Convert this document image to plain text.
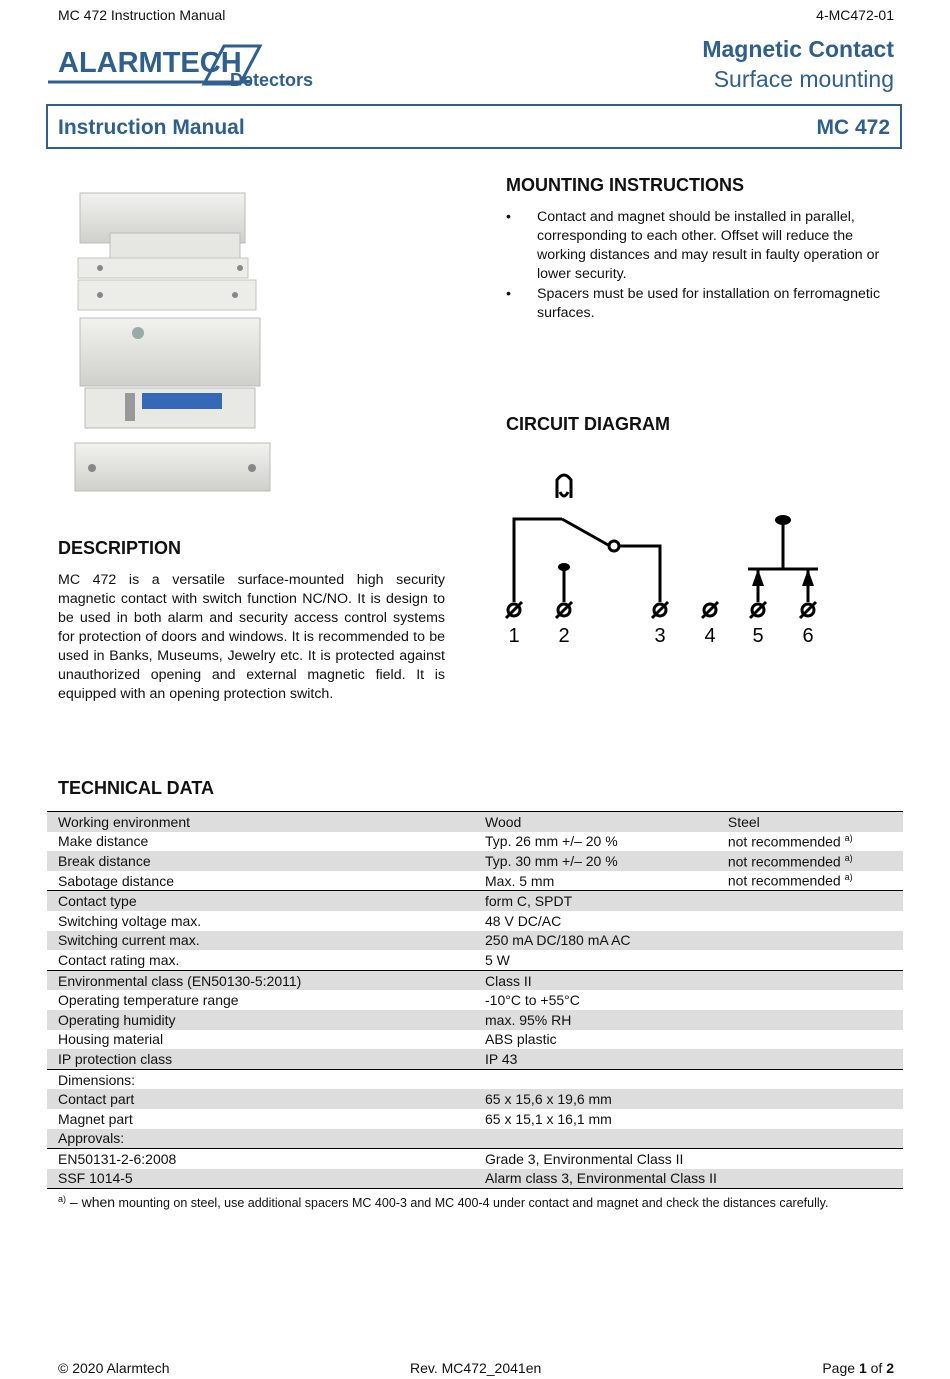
MC 472 Instruction Manual	4-MC472-01
ALARMTECH
Detectors
Magnetic Contact
Surface mounting
Instruction Manual	MC 472
MOUNTING INSTRUCTIONS
• Contact and magnet should be installed in parallel, corresponding to each other. Offset will reduce the working distances and may result in faulty operation or lower security.
• Spacers must be used for installation on ferromagnetic surfaces.
CIRCUIT DIAGRAM
1 2	3 4 5 6
DESCRIPTION

MC 472 is a versatile surface-mounted high security magnetic contact with switch function NC/NO. It is design to be used in both alarm and security access control systems for protection of doors and windows. It is recommended to be used in Banks, Museums, Jewelry etc. It is protected against unauthorized opening and external magnetic field. It is equipped with an opening protection switch.

TECHNICAL DATA
Working environment	Wood	Steel
Make distance	Typ. 26 mm +/– 20 %	not recommended $^{a)}$
Break distance	Typ. 30 mm +/– 20 %	not recommended $^{a)}$
Sabotage distance	Max. 5 mm	not recommended $^{a)}$
Contact type	form C, SPDT	
Switching voltage max.	48 V DC/AC	
Switching current max.	250 mA DC/180 mA AC	
Contact rating max.	5 W	
Environmental class (EN50130-5:2011)	Class II	
Operating temperature range	-10°C to +55°C	
Operating humidity	max. 95% RH	
Housing material	ABS plastic	
IP protection class	IP 43	
Dimensions:		
Contact part	65 x 15,6 x 19,6 mm	
Magnet part	65 x 15,1 x 16,1 mm	
Approvals:		
EN50131-2-6:2008	Grade 3, Environmental Class II	
SSF 1014-5	Alarm class 3, Environmental Class II	
$^{a)}$ – when mounting on steel, use additional spacers MC 400-3 and MC 400-4 under contact and magnet and check the distances carefully.
© 2020 Alarmtech	Rev. MC472_2041en	Page 1 of 2
